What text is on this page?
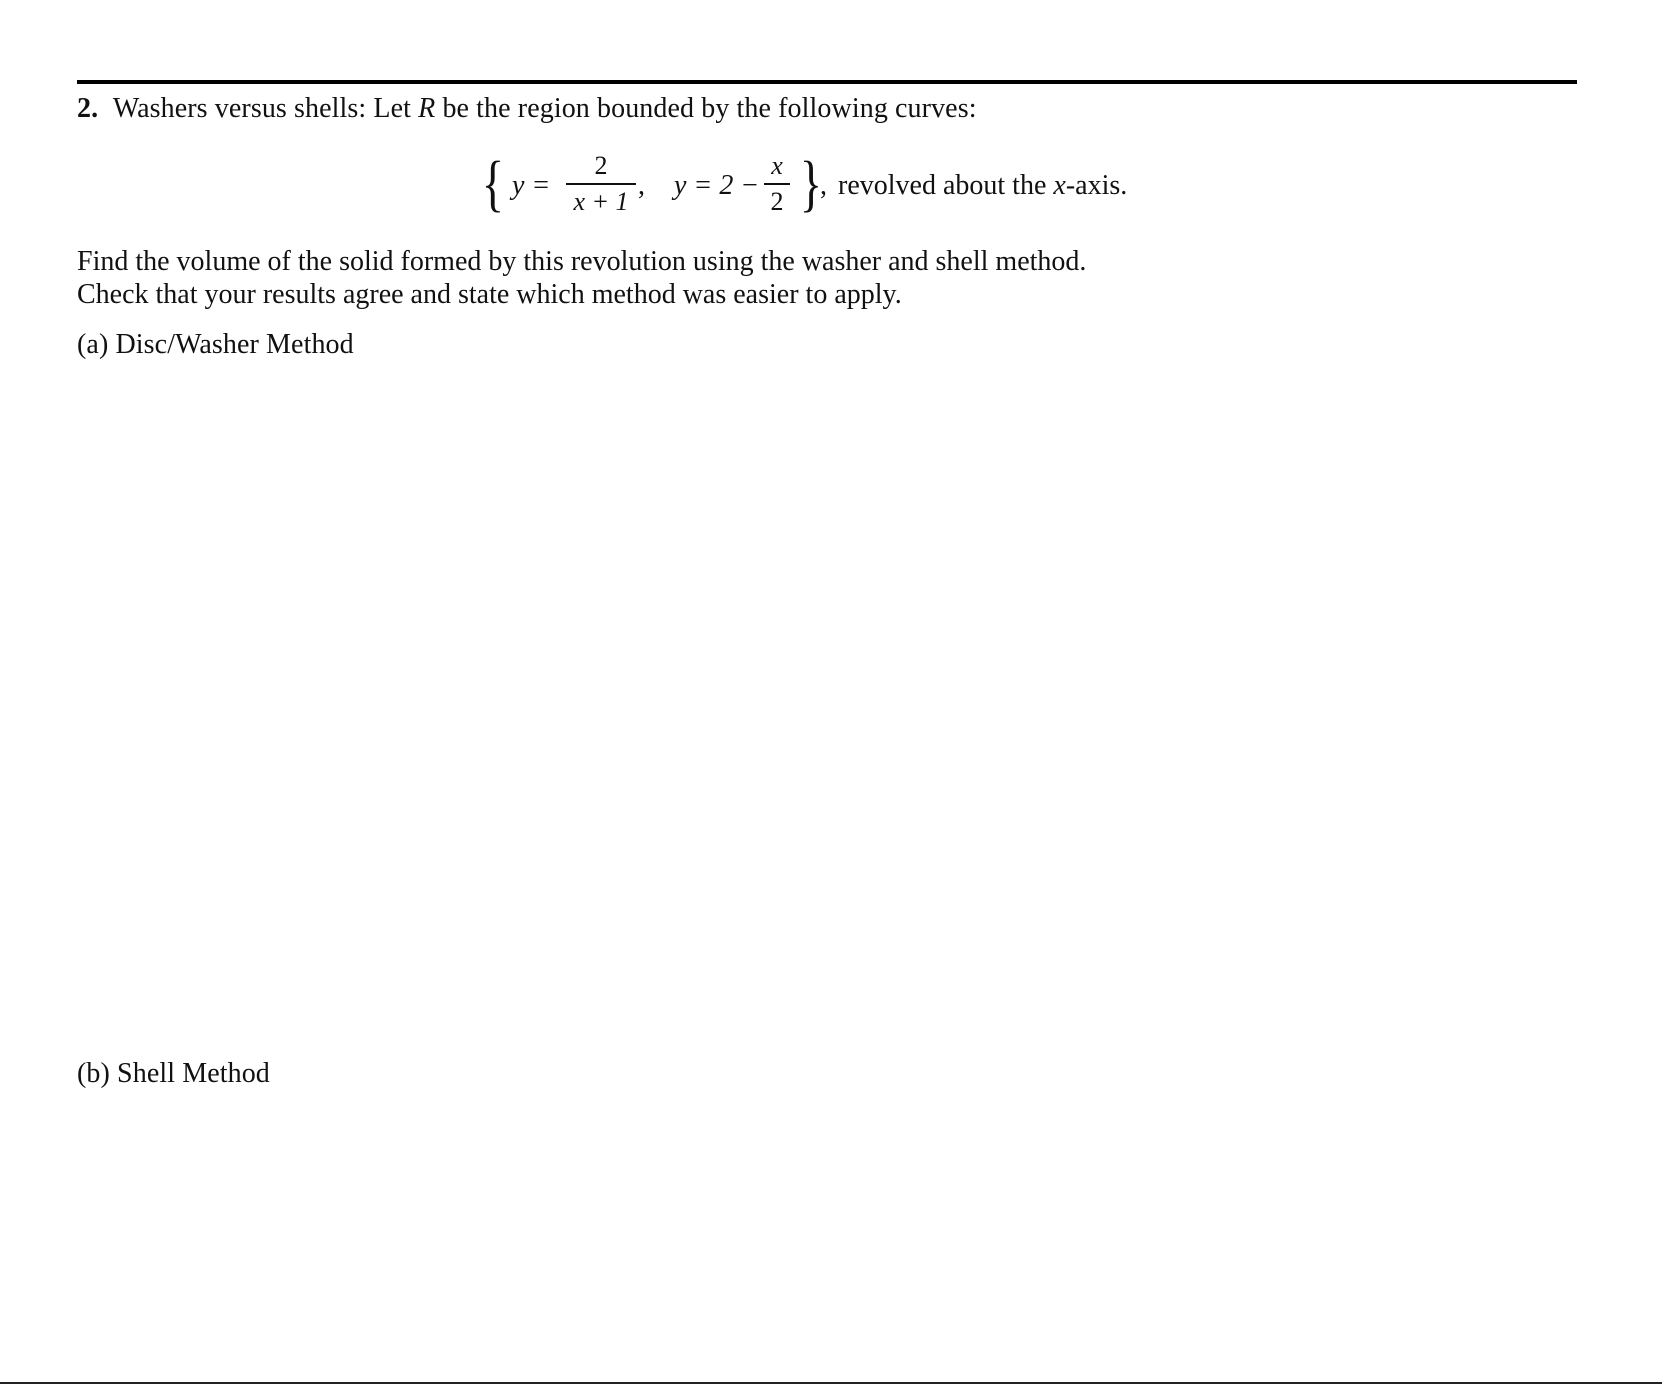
2. Washers versus shells: Let R be the region bounded by the following curves:
{ y =
2
x + 1
, y = 2 −
x
2 }
, revolved about the x-axis.
Find the volume of the solid formed by this revolution using the washer and shell method.
Check that your results agree and state which method was easier to apply.
(a) Disc/Washer Method
(b) Shell Method
